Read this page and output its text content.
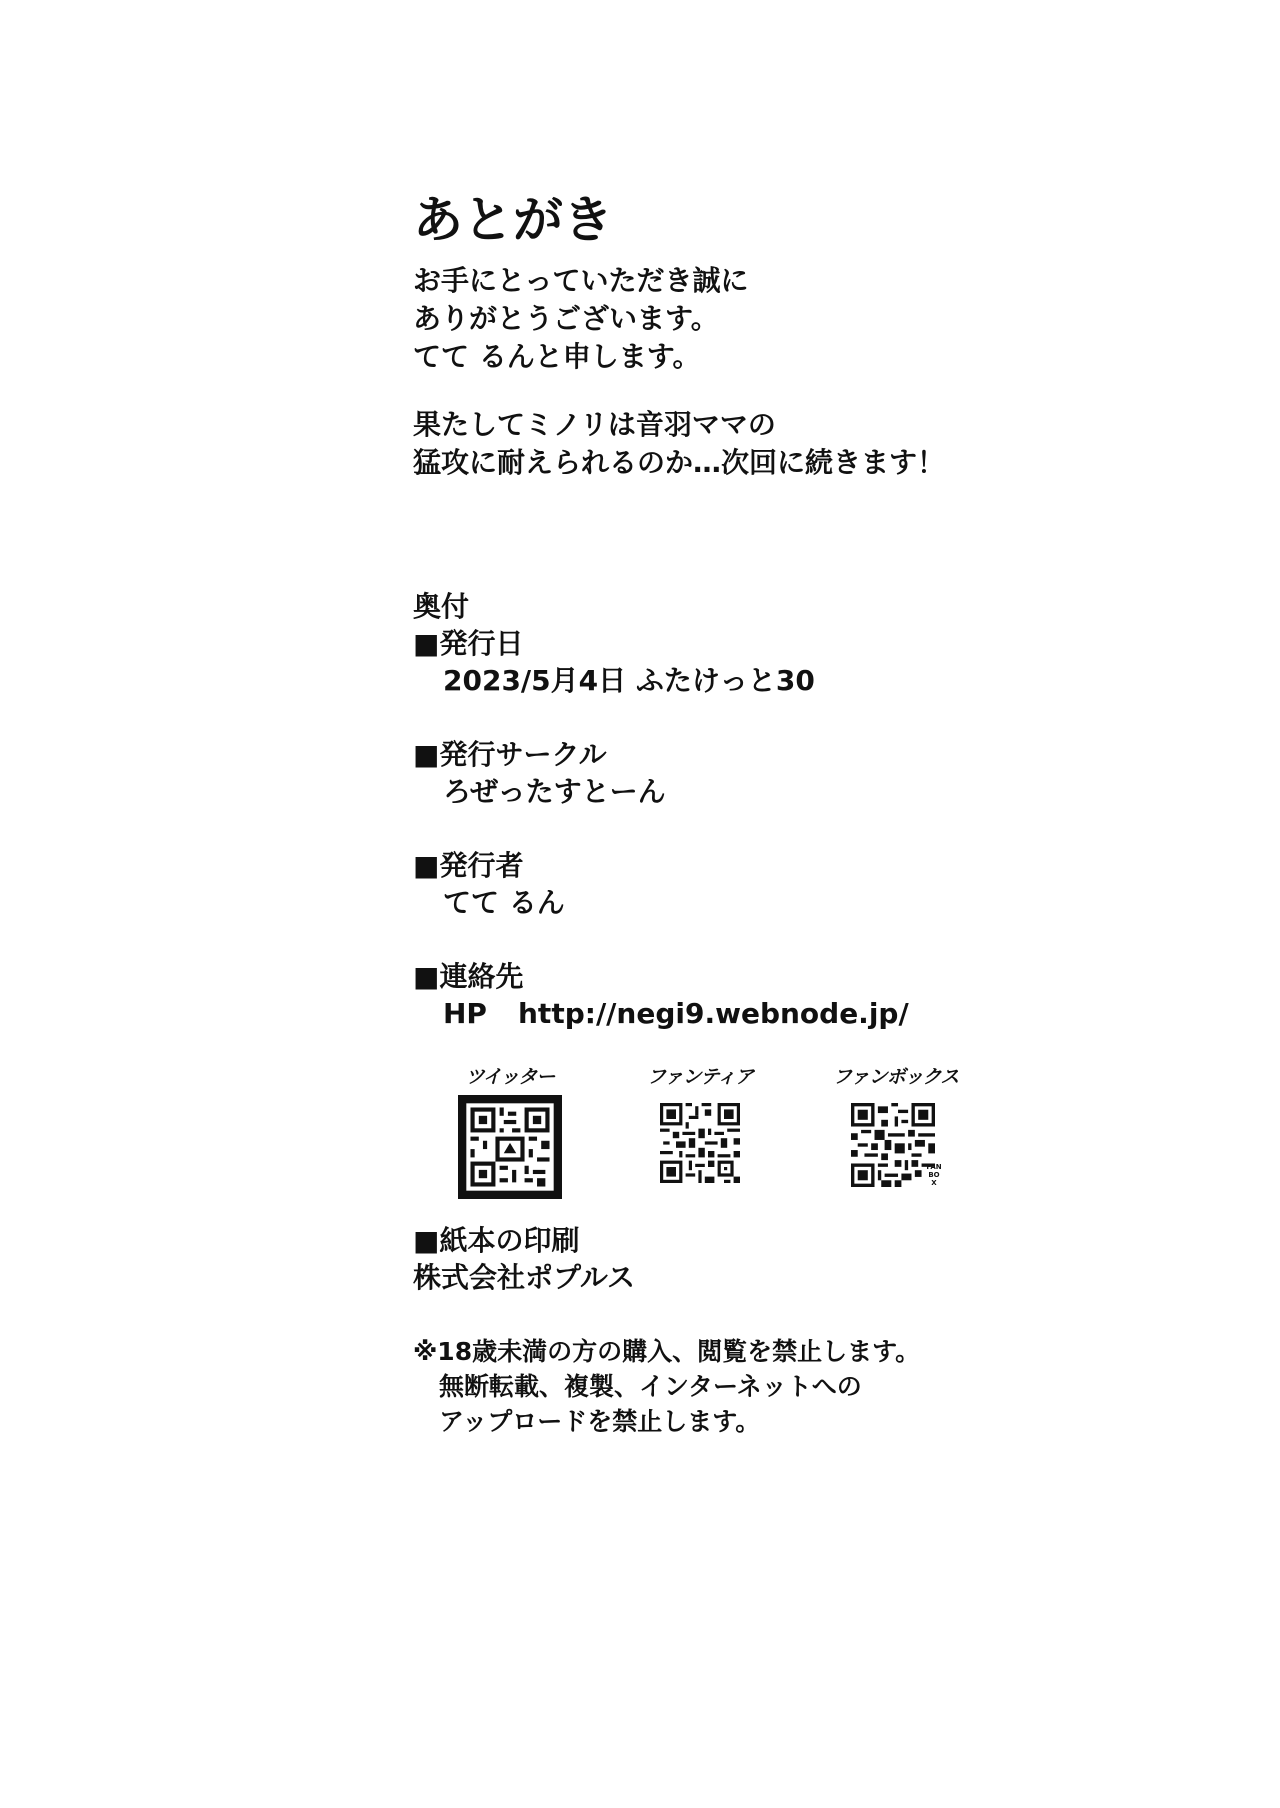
あとがき
お手にとっていただき誠に
ありがとうございます。
てて るんと申します。
果たしてミノリは音羽ママの
猛攻に耐えられるのか…次回に続きます！
奥付
■発行日
2023/5月4日 ふたけっと30
■発行サークル
ろぜったすとーん
■発行者
てて るん
■連絡先
HP	http://negi9.webnode.jp/
ツイッター	ファンティア	ファンボックス
FAN BOX
■紙本の印刷
株式会社ポプルス
※18歳未満の方の購入、閲覧を禁止します。
無断転載、複製、インターネットへの
アップロードを禁止します。
